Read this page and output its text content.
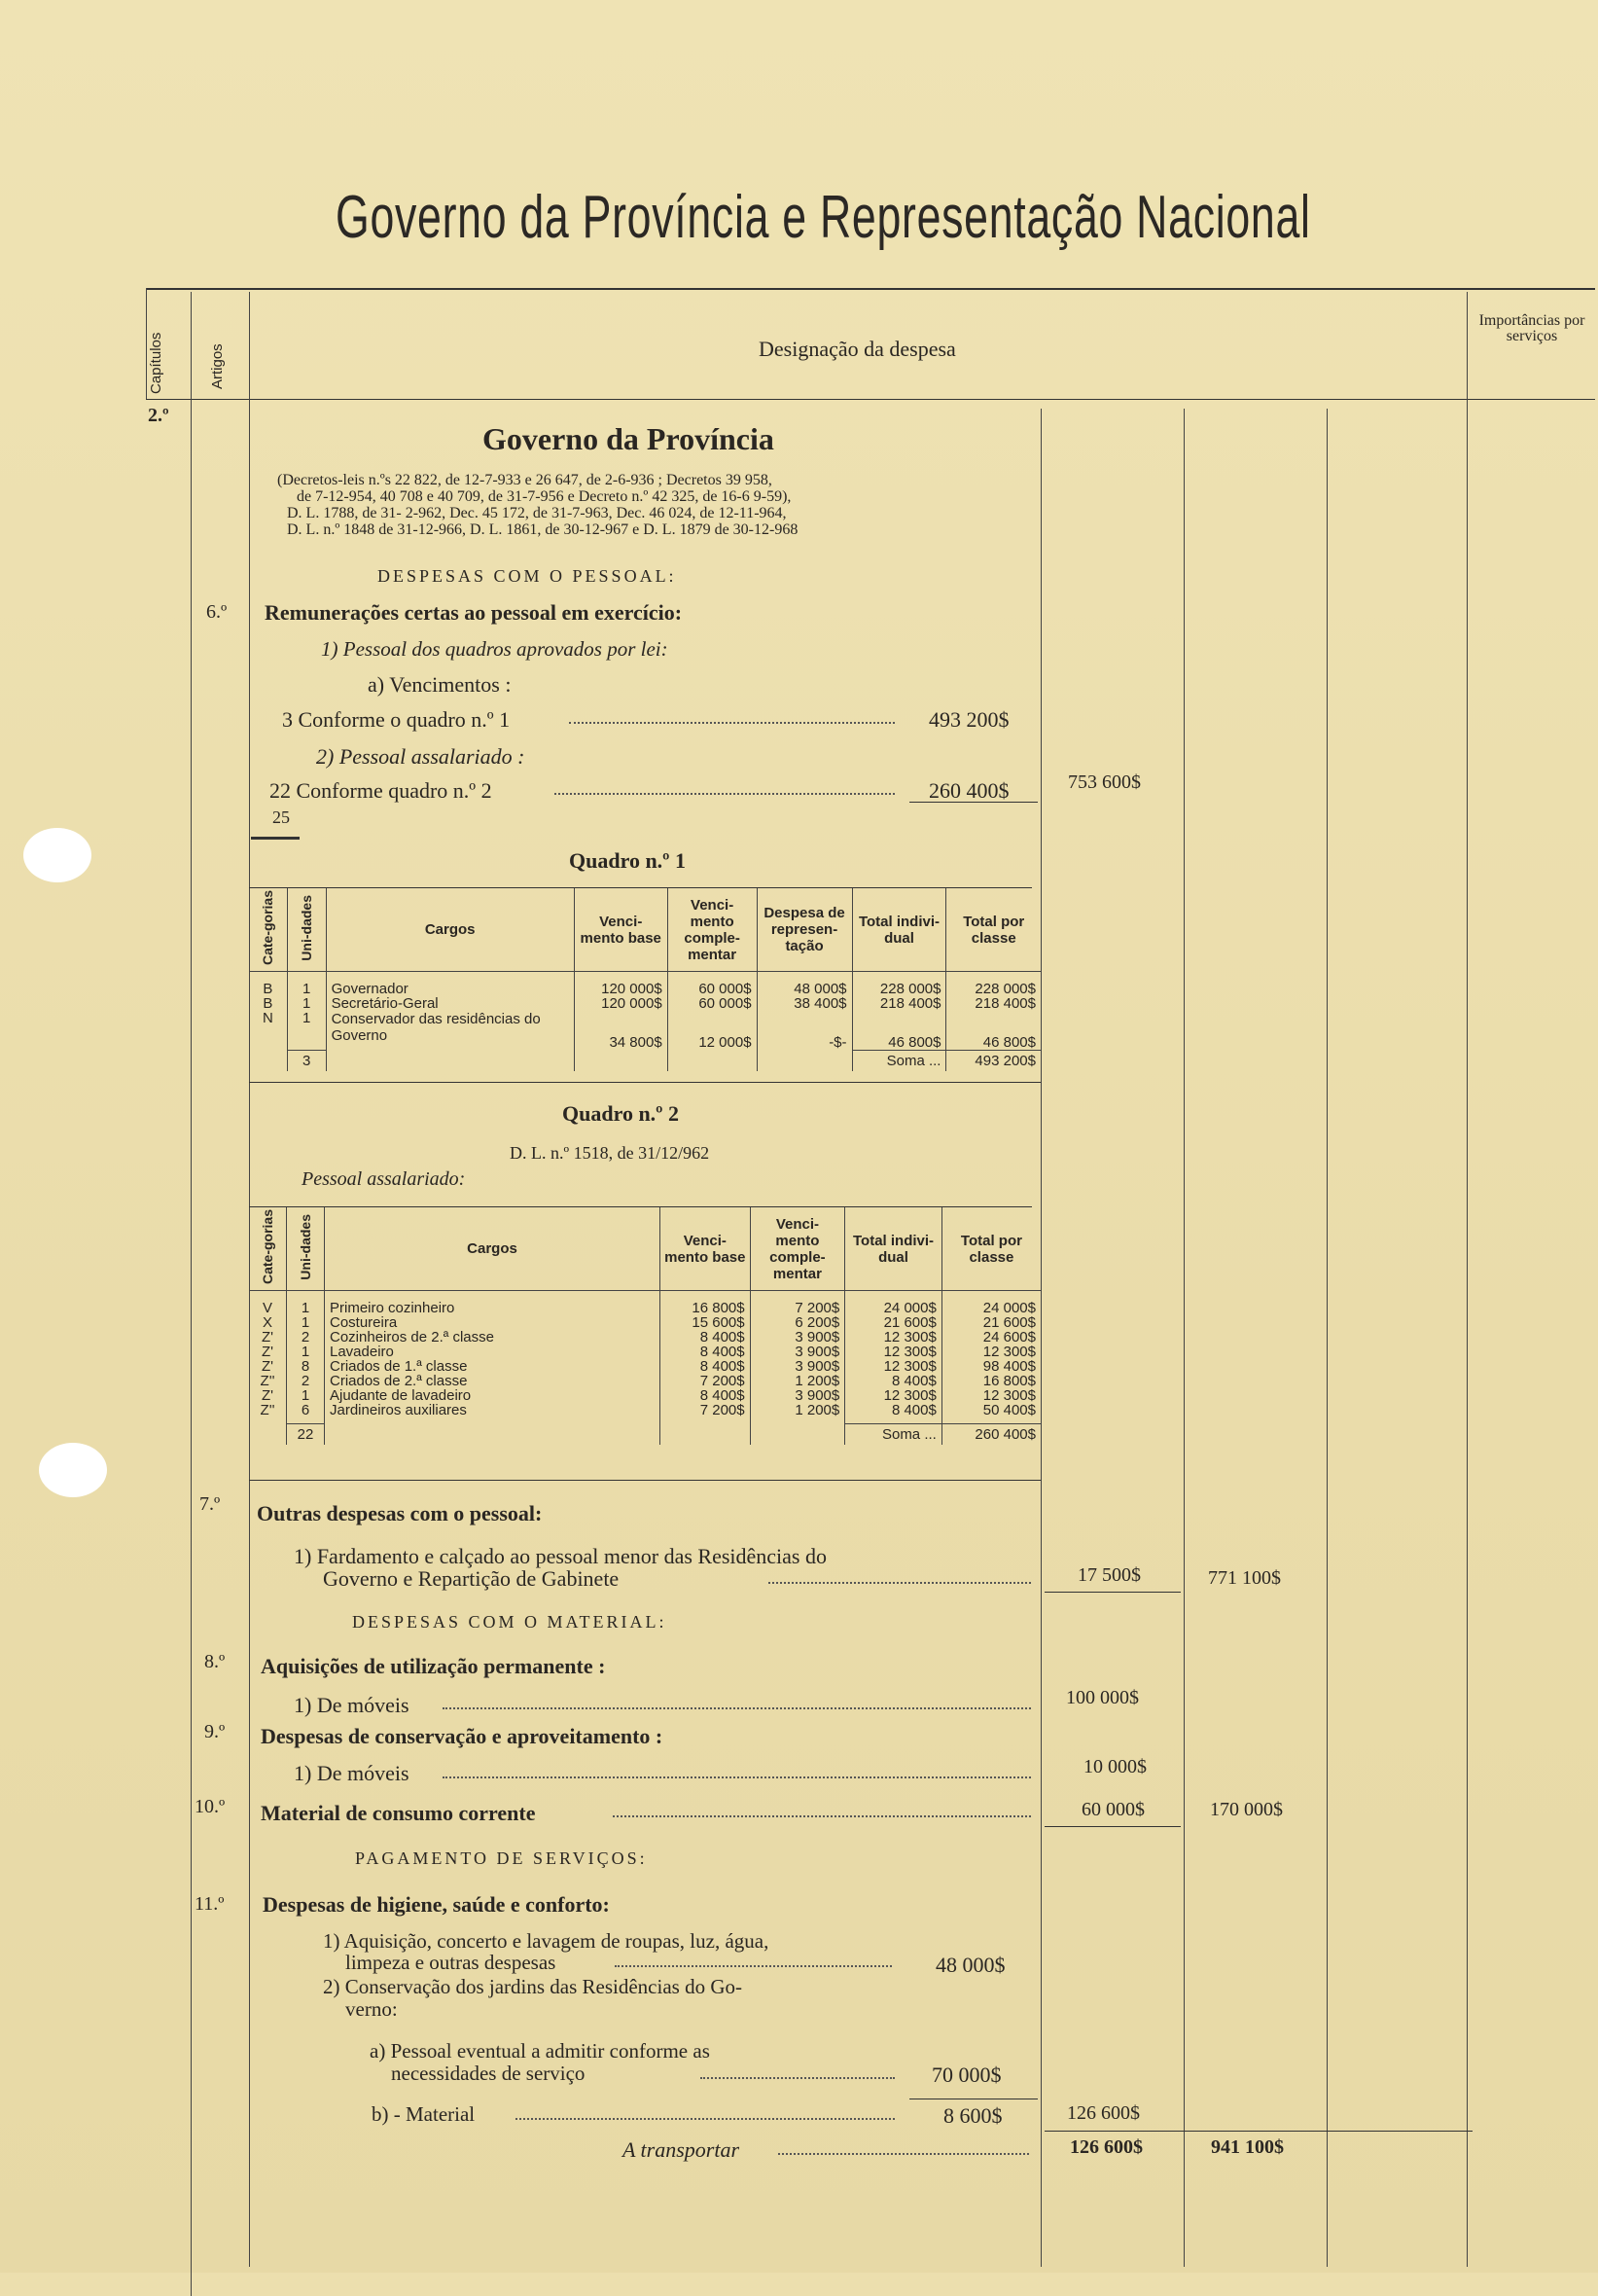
Governo da Província e Representação Nacional
Capítulos	Artigos	Designação da despesa
Importâncias por serviços
2.º
Governo da Província
(Decretos-leis n.ºs 22 822, de 12-7-933 e 26 647, de 2-6-936 ; Decretos 39 958,
de 7-12-954, 40 708 e 40 709, de 31-7-956 e Decreto n.º 42 325, de 16-6 9-59),
D. L. 1788, de 31- 2-962, Dec. 45 172, de 31-7-963, Dec. 46 024, de 12-11-964,
D. L. n.º 1848 de 31-12-966, D. L. 1861, de 30-12-967 e D. L. 1879 de 30-12-968
DESPESAS COM O PESSOAL:
6.º Remunerações certas ao pessoal em exercício:
1) Pessoal dos quadros aprovados por lei:
a) Vencimentos :
3 Conforme o quadro n.º 1	493 200$
2) Pessoal assalariado :
22 Conforme quadro n.º 2	260 400$	753 600$
25
Quadro n.º 1
Cate-gorias	Uni-dades	Cargos	Venci-mento base	Venci-mento comple-mentar	Despesa de represen-tação	Total indivi-dual	Total por classe
B	1	Governador	120 000$	60 000$	48 000$	228 000$	228 000$
B	1	Secretário-Geral	120 000$	60 000$	38 400$	218 400$	218 400$
N	1	Conservador das residências do Governo	34 800$	12 000$	-$-	46 800$	46 800$
	3					Soma ...	493 200$
Quadro n.º 2
D. L. n.º 1518, de 31/12/962
Pessoal assalariado:
Cate-gorias	Uni-dades	Cargos	Venci-mento base	Venci-mento comple-mentar	Total indivi-dual	Total por classe
V	1	Primeiro cozinheiro	16 800$	7 200$	24 000$	24 000$
X	1	Costureira	15 600$	6 200$	21 600$	21 600$
Z'	2	Cozinheiros de 2.ª classe	8 400$	3 900$	12 300$	24 600$
Z'	1	Lavadeiro	8 400$	3 900$	12 300$	12 300$
Z'	8	Criados de 1.ª classe	8 400$	3 900$	12 300$	98 400$
Z''	2	Criados de 2.ª classe	7 200$	1 200$	8 400$	16 800$
Z'	1	Ajudante de lavadeiro	8 400$	3 900$	12 300$	12 300$
Z''	6	Jardineiros auxiliares	7 200$	1 200$	8 400$	50 400$
	22				Soma ...	260 400$
7.º Outras despesas com o pessoal:
1) Fardamento e calçado ao pessoal menor das Residências do
Governo e Repartição de Gabinete	17 500$	771 100$
DESPESAS COM O MATERIAL:
8.º Aquisições de utilização permanente :
1) De móveis	100 000$
9.º Despesas de conservação e aproveitamento :
1) De móveis	10 000$
10.º Material de consumo corrente	60 000$	170 000$
PAGAMENTO DE SERVIÇOS:
11.º Despesas de higiene, saúde e conforto:
1) Aquisição, concerto e lavagem de roupas, luz, água,
limpeza e outras despesas	48 000$
2) Conservação dos jardins das Residências do Go-
verno:
a) Pessoal eventual a admitir conforme as
necessidades de serviço	70 000$
b) - Material	8 600$	126 600$
A transportar	126 600$	941 100$
